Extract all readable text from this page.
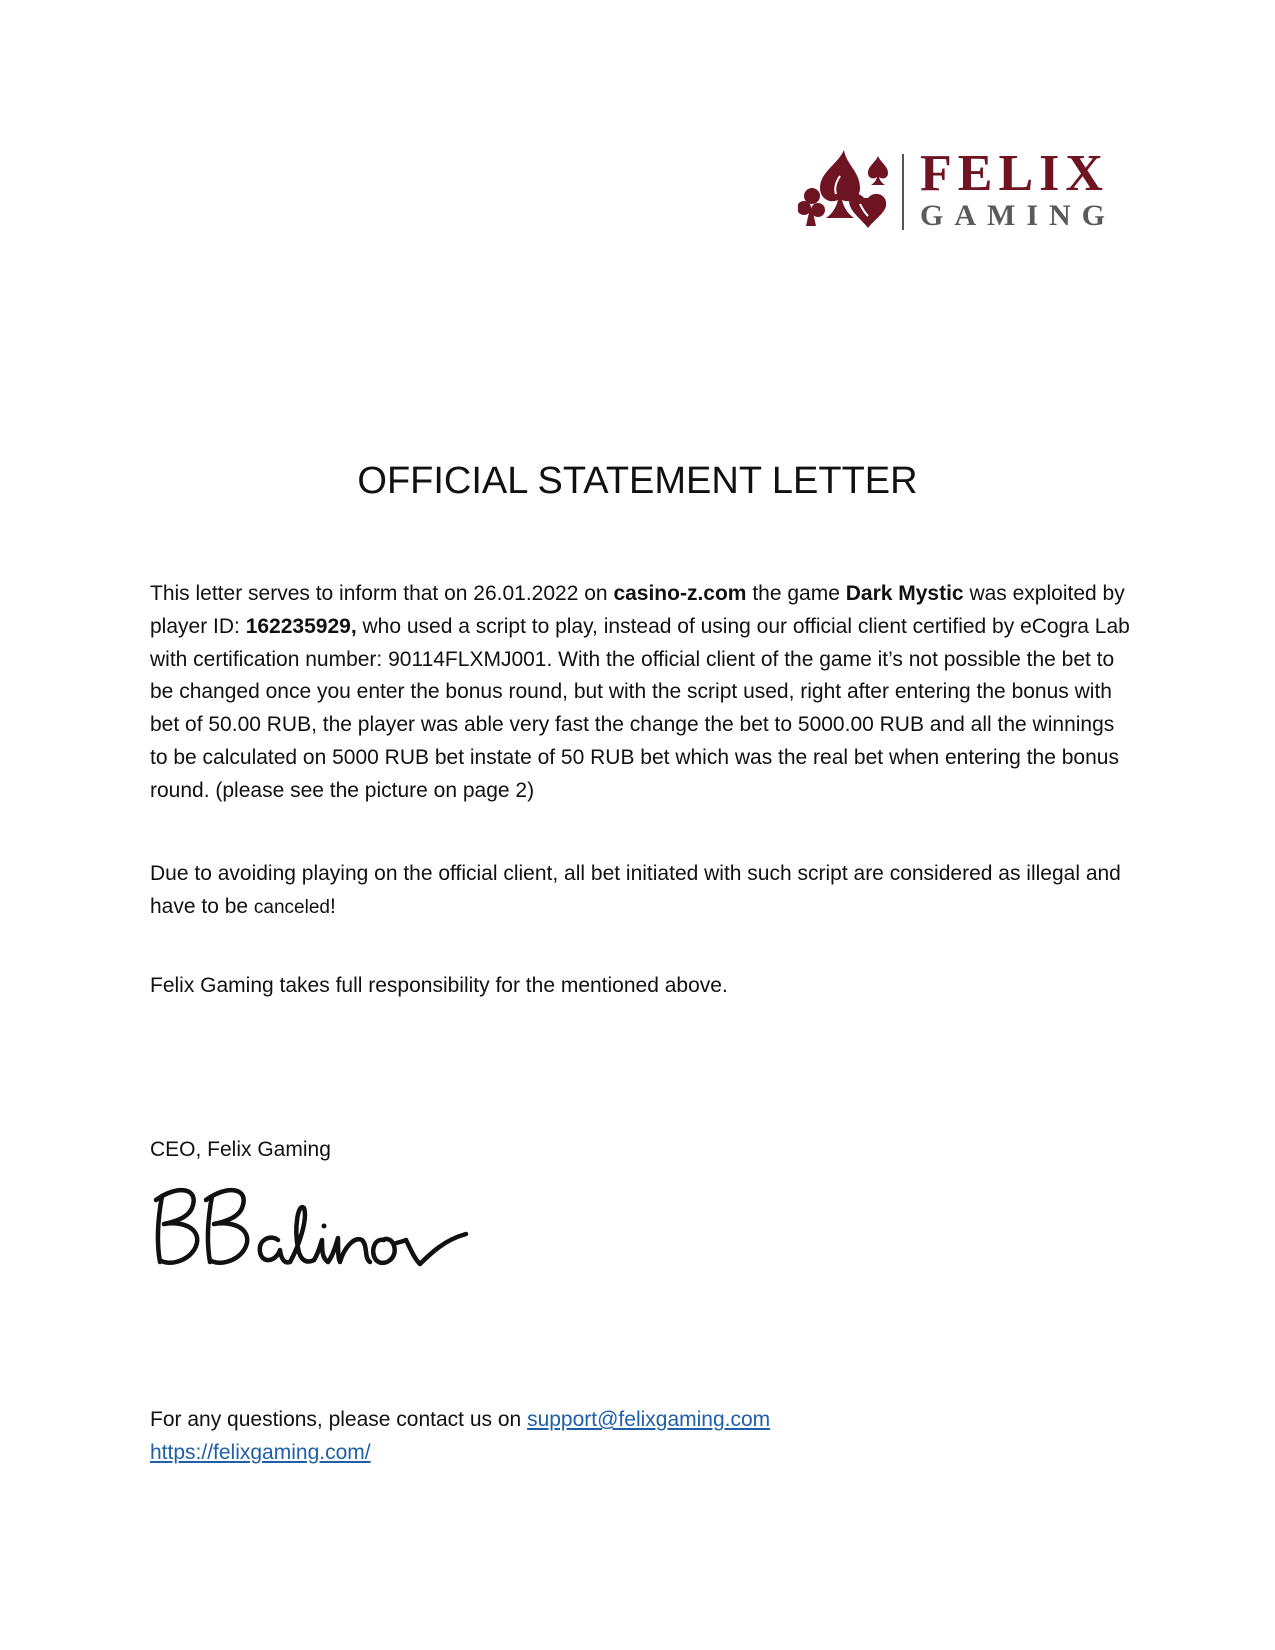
FELIX
GAMING
OFFICIAL STATEMENT LETTER

This letter serves to inform that on 26.01.2022 on casino-z.com the game Dark Mystic was exploited by player ID: 162235929, who used a script to play, instead of using our official client certified by eCogra Lab with certification number: 90114FLXMJ001. With the official client of the game it’s not possible the bet to be changed once you enter the bonus round, but with the script used, right after entering the bonus with bet of 50.00 RUB, the player was able very fast the change the bet to 5000.00 RUB and all the winnings to be calculated on 5000 RUB bet instate of 50 RUB bet which was the real bet when entering the bonus round. (please see the picture on page 2)

Due to avoiding playing on the official client, all bet initiated with such script are considered as illegal and have to be canceled!

Felix Gaming takes full responsibility for the mentioned above.

CEO, Felix Gaming

For any questions, please contact us on support@felixgaming.com

https://felixgaming.com/
